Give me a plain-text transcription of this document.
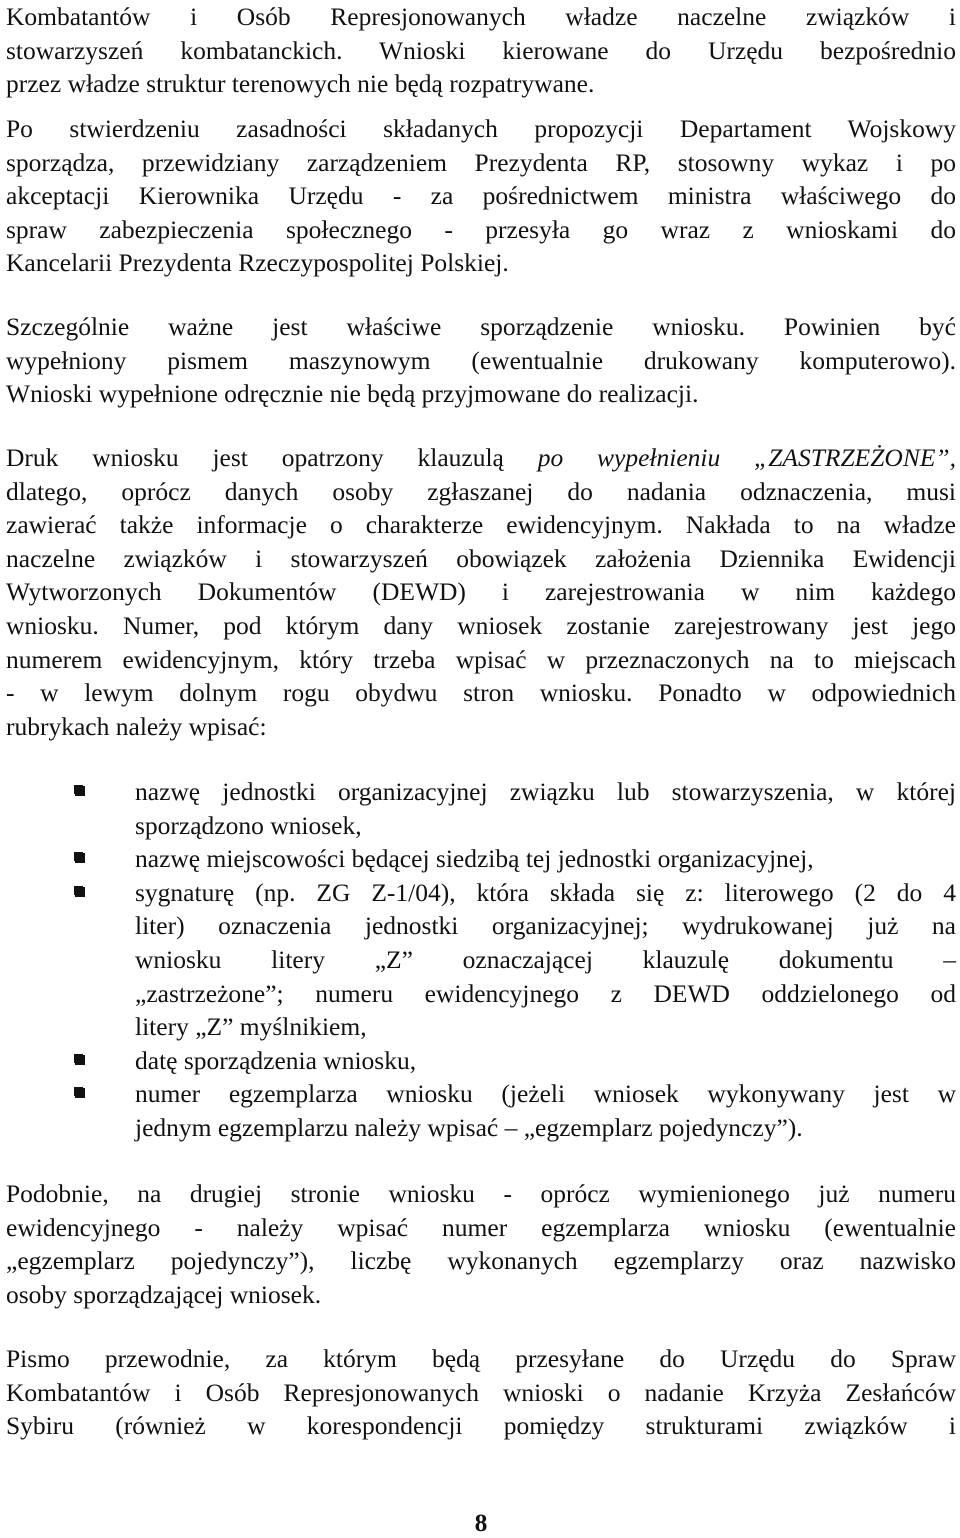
Kombatantów i Osób Represjonowanych władze naczelne związków i
stowarzyszeń kombatanckich. Wnioski kierowane do Urzędu bezpośrednio
przez władze struktur terenowych nie będą rozpatrywane.
Po stwierdzeniu zasadności składanych propozycji Departament Wojskowy
sporządza, przewidziany zarządzeniem Prezydenta RP, stosowny wykaz i po
akceptacji Kierownika Urzędu - za pośrednictwem ministra właściwego do
spraw zabezpieczenia społecznego - przesyła go wraz z wnioskami do
Kancelarii Prezydenta Rzeczypospolitej Polskiej.
Szczególnie ważne jest właściwe sporządzenie wniosku. Powinien być
wypełniony pismem maszynowym (ewentualnie drukowany komputerowo).
Wnioski wypełnione odręcznie nie będą przyjmowane do realizacji.
Druk wniosku jest opatrzony klauzulą po wypełnieniu „ZASTRZEŻONE”,
dlatego, oprócz danych osoby zgłaszanej do nadania odznaczenia, musi
zawierać także informacje o charakterze ewidencyjnym. Nakłada to na władze
naczelne związków i stowarzyszeń obowiązek założenia Dziennika Ewidencji
Wytworzonych Dokumentów (DEWD) i zarejestrowania w nim każdego
wniosku. Numer, pod którym dany wniosek zostanie zarejestrowany jest jego
numerem ewidencyjnym, który trzeba wpisać w przeznaczonych na to miejscach
- w lewym dolnym rogu obydwu stron wniosku. Ponadto w odpowiednich
rubrykach należy wpisać:
nazwę jednostki organizacyjnej związku lub stowarzyszenia, w której
sporządzono wniosek,
nazwę miejscowości będącej siedzibą tej jednostki organizacyjnej,
sygnaturę (np. ZG Z-1/04), która składa się z: literowego (2 do 4
liter) oznaczenia jednostki organizacyjnej; wydrukowanej już na
wniosku litery „Z” oznaczającej klauzulę dokumentu –
„zastrzeżone”; numeru ewidencyjnego z DEWD oddzielonego od
litery „Z” myślnikiem,
datę sporządzenia wniosku,
numer egzemplarza wniosku (jeżeli wniosek wykonywany jest w
jednym egzemplarzu należy wpisać – „egzemplarz pojedynczy”).
Podobnie, na drugiej stronie wniosku - oprócz wymienionego już numeru
ewidencyjnego - należy wpisać numer egzemplarza wniosku (ewentualnie
„egzemplarz pojedynczy”), liczbę wykonanych egzemplarzy oraz nazwisko
osoby sporządzającej wniosek.
Pismo przewodnie, za którym będą przesyłane do Urzędu do Spraw
Kombatantów i Osób Represjonowanych wnioski o nadanie Krzyża Zesłańców
Sybiru (również w korespondencji pomiędzy strukturami związków i
8
